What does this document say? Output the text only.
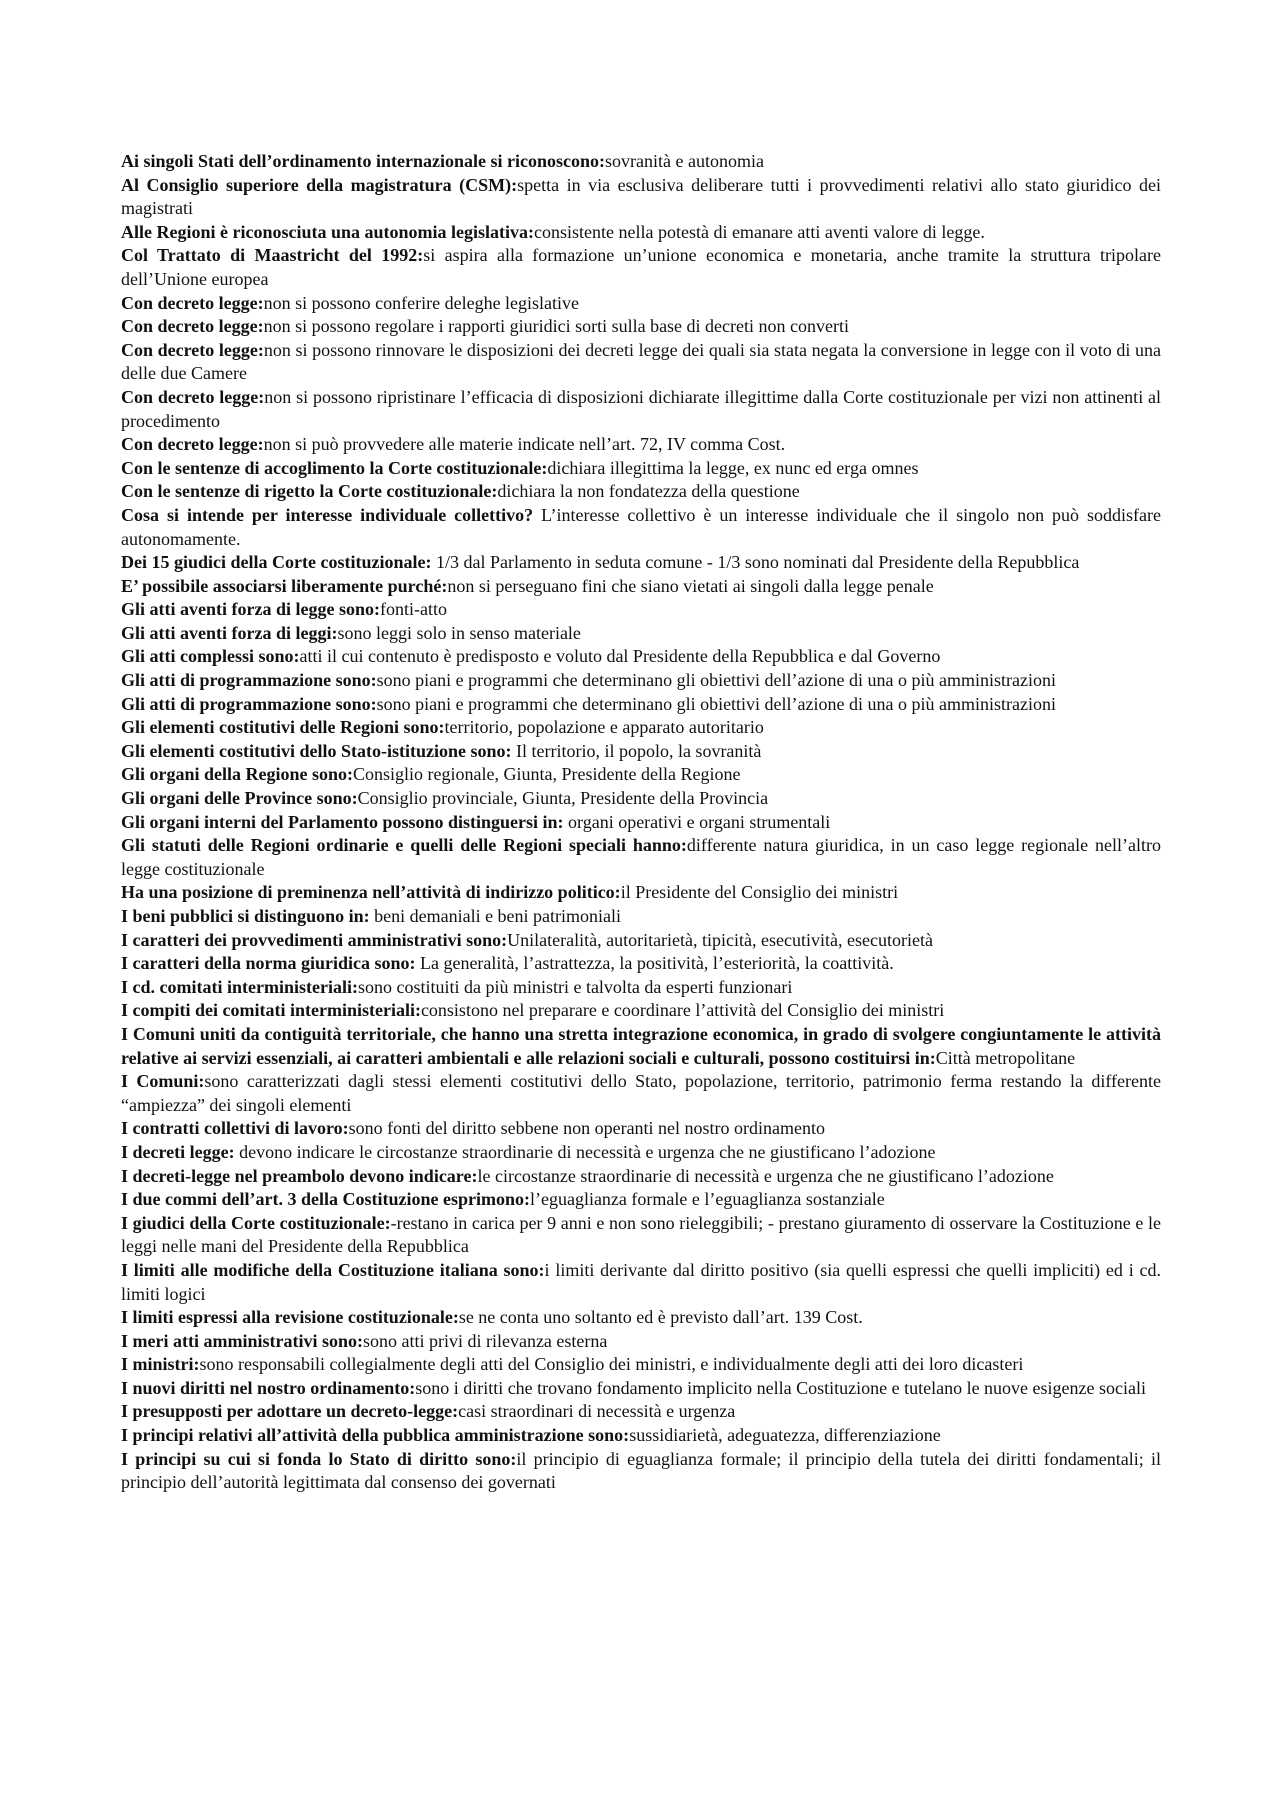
Ai singoli Stati dell’ordinamento internazionale si riconoscono:sovranità e autonomia

Al Consiglio superiore della magistratura (CSM):spetta in via esclusiva deliberare tutti i provvedimenti relativi allo stato giuridico dei magistrati

Alle Regioni è riconosciuta una autonomia legislativa:consistente nella potestà di emanare atti aventi valore di legge.

Col Trattato di Maastricht del 1992:si aspira alla formazione un’unione economica e monetaria, anche tramite la struttura tripolare dell’Unione europea

Con decreto legge:non si possono conferire deleghe legislative

Con decreto legge:non si possono regolare i rapporti giuridici sorti sulla base di decreti non converti

Con decreto legge:non si possono rinnovare le disposizioni dei decreti legge dei quali sia stata negata la conversione in legge con il voto di una delle due Camere

Con decreto legge:non si possono ripristinare l’efficacia di disposizioni dichiarate illegittime dalla Corte costituzionale per vizi non attinenti al procedimento

Con decreto legge:non si può provvedere alle materie indicate nell’art. 72, IV comma Cost.

Con le sentenze di accoglimento la Corte costituzionale:dichiara illegittima la legge, ex nunc ed erga omnes

Con le sentenze di rigetto la Corte costituzionale:dichiara la non fondatezza della questione

Cosa si intende per interesse individuale collettivo? L’interesse collettivo è un interesse individuale che il singolo non può soddisfare autonomamente.

Dei 15 giudici della Corte costituzionale: 1/3 dal Parlamento in seduta comune - 1/3 sono nominati dal Presidente della Repubblica

E’ possibile associarsi liberamente purché:non si perseguano fini che siano vietati ai singoli dalla legge penale

Gli atti aventi forza di legge sono:fonti-atto

Gli atti aventi forza di leggi:sono leggi solo in senso materiale

Gli atti complessi sono:atti il cui contenuto è predisposto e voluto dal Presidente della Repubblica e dal Governo

Gli atti di programmazione sono:sono piani e programmi che determinano gli obiettivi dell’azione di una o più amministrazioni

Gli atti di programmazione sono:sono piani e programmi che determinano gli obiettivi dell’azione di una o più amministrazioni

Gli elementi costitutivi delle Regioni sono:territorio, popolazione e apparato autoritario

Gli elementi costitutivi dello Stato-istituzione sono: Il territorio, il popolo, la sovranità

Gli organi della Regione sono:Consiglio regionale, Giunta, Presidente della Regione

Gli organi delle Province sono:Consiglio provinciale, Giunta, Presidente della Provincia

Gli organi interni del Parlamento possono distinguersi in: organi operativi e organi strumentali

Gli statuti delle Regioni ordinarie e quelli delle Regioni speciali hanno:differente natura giuridica, in un caso legge regionale nell’altro legge costituzionale

Ha una posizione di preminenza nell’attività di indirizzo politico:il Presidente del Consiglio dei ministri

I beni pubblici si distinguono in: beni demaniali e beni patrimoniali

I caratteri dei provvedimenti amministrativi sono:Unilateralità, autoritarietà, tipicità, esecutività, esecutorietà

I caratteri della norma giuridica sono: La generalità, l’astrattezza, la positività, l’esteriorità, la coattività.

I cd. comitati interministeriali:sono costituiti da più ministri e talvolta da esperti funzionari

I compiti dei comitati interministeriali:consistono nel preparare e coordinare l’attività del Consiglio dei ministri

I Comuni uniti da contiguità territoriale, che hanno una stretta integrazione economica, in grado di svolgere congiuntamente le attività relative ai servizi essenziali, ai caratteri ambientali e alle relazioni sociali e culturali, possono costituirsi in:Città metropolitane

I Comuni:sono caratterizzati dagli stessi elementi costitutivi dello Stato, popolazione, territorio, patrimonio ferma restando la differente “ampiezza” dei singoli elementi

I contratti collettivi di lavoro:sono fonti del diritto sebbene non operanti nel nostro ordinamento

I decreti legge: devono indicare le circostanze straordinarie di necessità e urgenza che ne giustificano l’adozione

I decreti-legge nel preambolo devono indicare:le circostanze straordinarie di necessità e urgenza che ne giustificano l’adozione

I due commi dell’art. 3 della Costituzione esprimono:l’eguaglianza formale e l’eguaglianza sostanziale

I giudici della Corte costituzionale:-restano in carica per 9 anni e non sono rieleggibili; - prestano giuramento di osservare la Costituzione e le leggi nelle mani del Presidente della Repubblica

I limiti alle modifiche della Costituzione italiana sono:i limiti derivante dal diritto positivo (sia quelli espressi che quelli impliciti) ed i cd. limiti logici

I limiti espressi alla revisione costituzionale:se ne conta uno soltanto ed è previsto dall’art. 139 Cost.

I meri atti amministrativi sono:sono atti privi di rilevanza esterna

I ministri:sono responsabili collegialmente degli atti del Consiglio dei ministri, e individualmente degli atti dei loro dicasteri

I nuovi diritti nel nostro ordinamento:sono i diritti che trovano fondamento implicito nella Costituzione e tutelano le nuove esigenze sociali

I presupposti per adottare un decreto-legge:casi straordinari di necessità e urgenza

I principi relativi all’attività della pubblica amministrazione sono:sussidiarietà, adeguatezza, differenziazione

I principi su cui si fonda lo Stato di diritto sono:il principio di eguaglianza formale; il principio della tutela dei diritti fondamentali; il principio dell’autorità legittimata dal consenso dei governati
